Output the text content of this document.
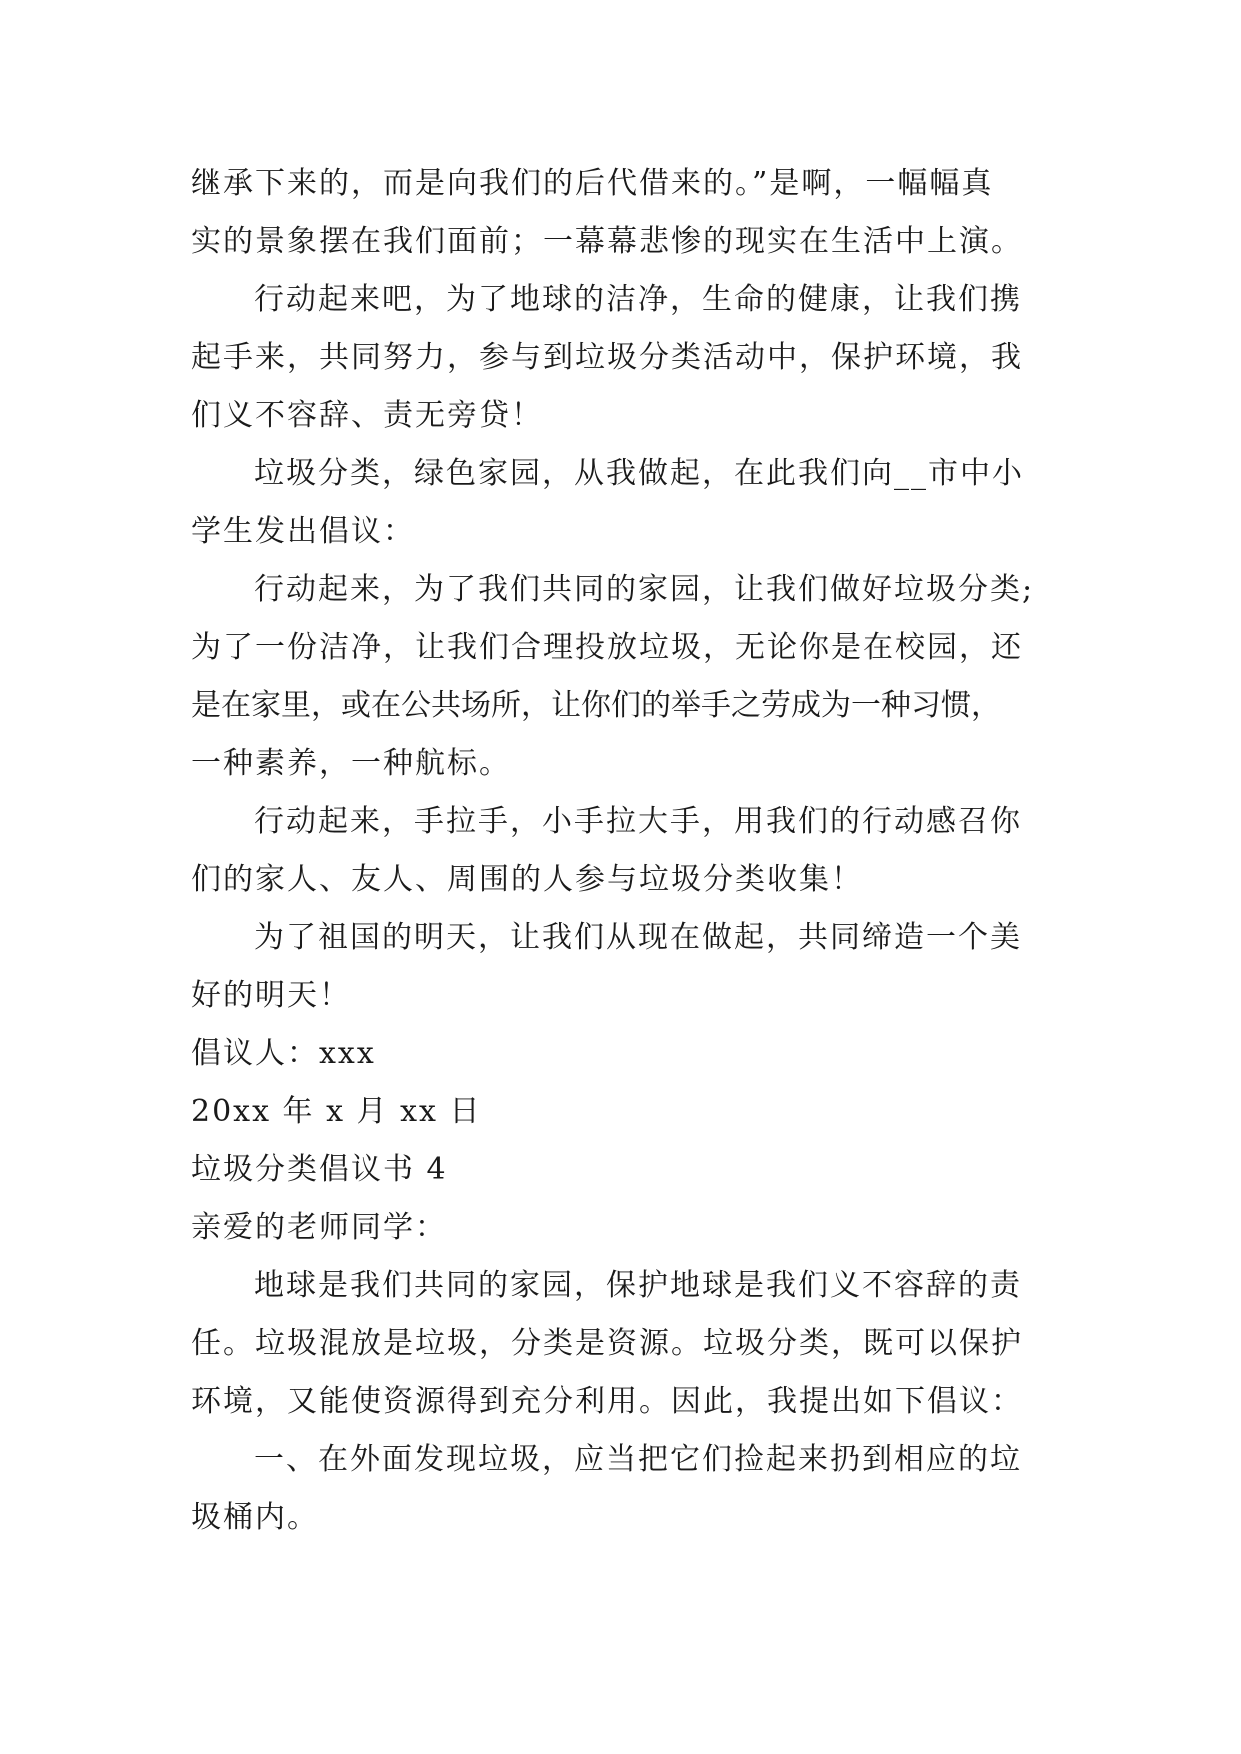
继承下来的，而是向我们的后代借来的。”是啊，一幅幅真
实的景象摆在我们面前；一幕幕悲惨的现实在生活中上演。
行动起来吧，为了地球的洁净，生命的健康，让我们携
起手来，共同努力，参与到垃圾分类活动中，保护环境，我
们义不容辞、责无旁贷！
垃圾分类，绿色家园，从我做起，在此我们向__市中小
学生发出倡议：
行动起来，为了我们共同的家园，让我们做好垃圾分类;
为了一份洁净，让我们合理投放垃圾，无论你是在校园，还
是在家里，或在公共场所，让你们的举手之劳成为一种习惯，
一种素养，一种航标。
行动起来，手拉手，小手拉大手，用我们的行动感召你
们的家人、友人、周围的人参与垃圾分类收集！
为了祖国的明天，让我们从现在做起，共同缔造一个美
好的明天！
倡议人：xxx
20xx 年 x 月 xx 日
垃圾分类倡议书 4
亲爱的老师同学：
地球是我们共同的家园，保护地球是我们义不容辞的责
任。垃圾混放是垃圾，分类是资源。垃圾分类，既可以保护
环境，又能使资源得到充分利用。因此，我提出如下倡议：
一、在外面发现垃圾，应当把它们捡起来扔到相应的垃
圾桶内。
